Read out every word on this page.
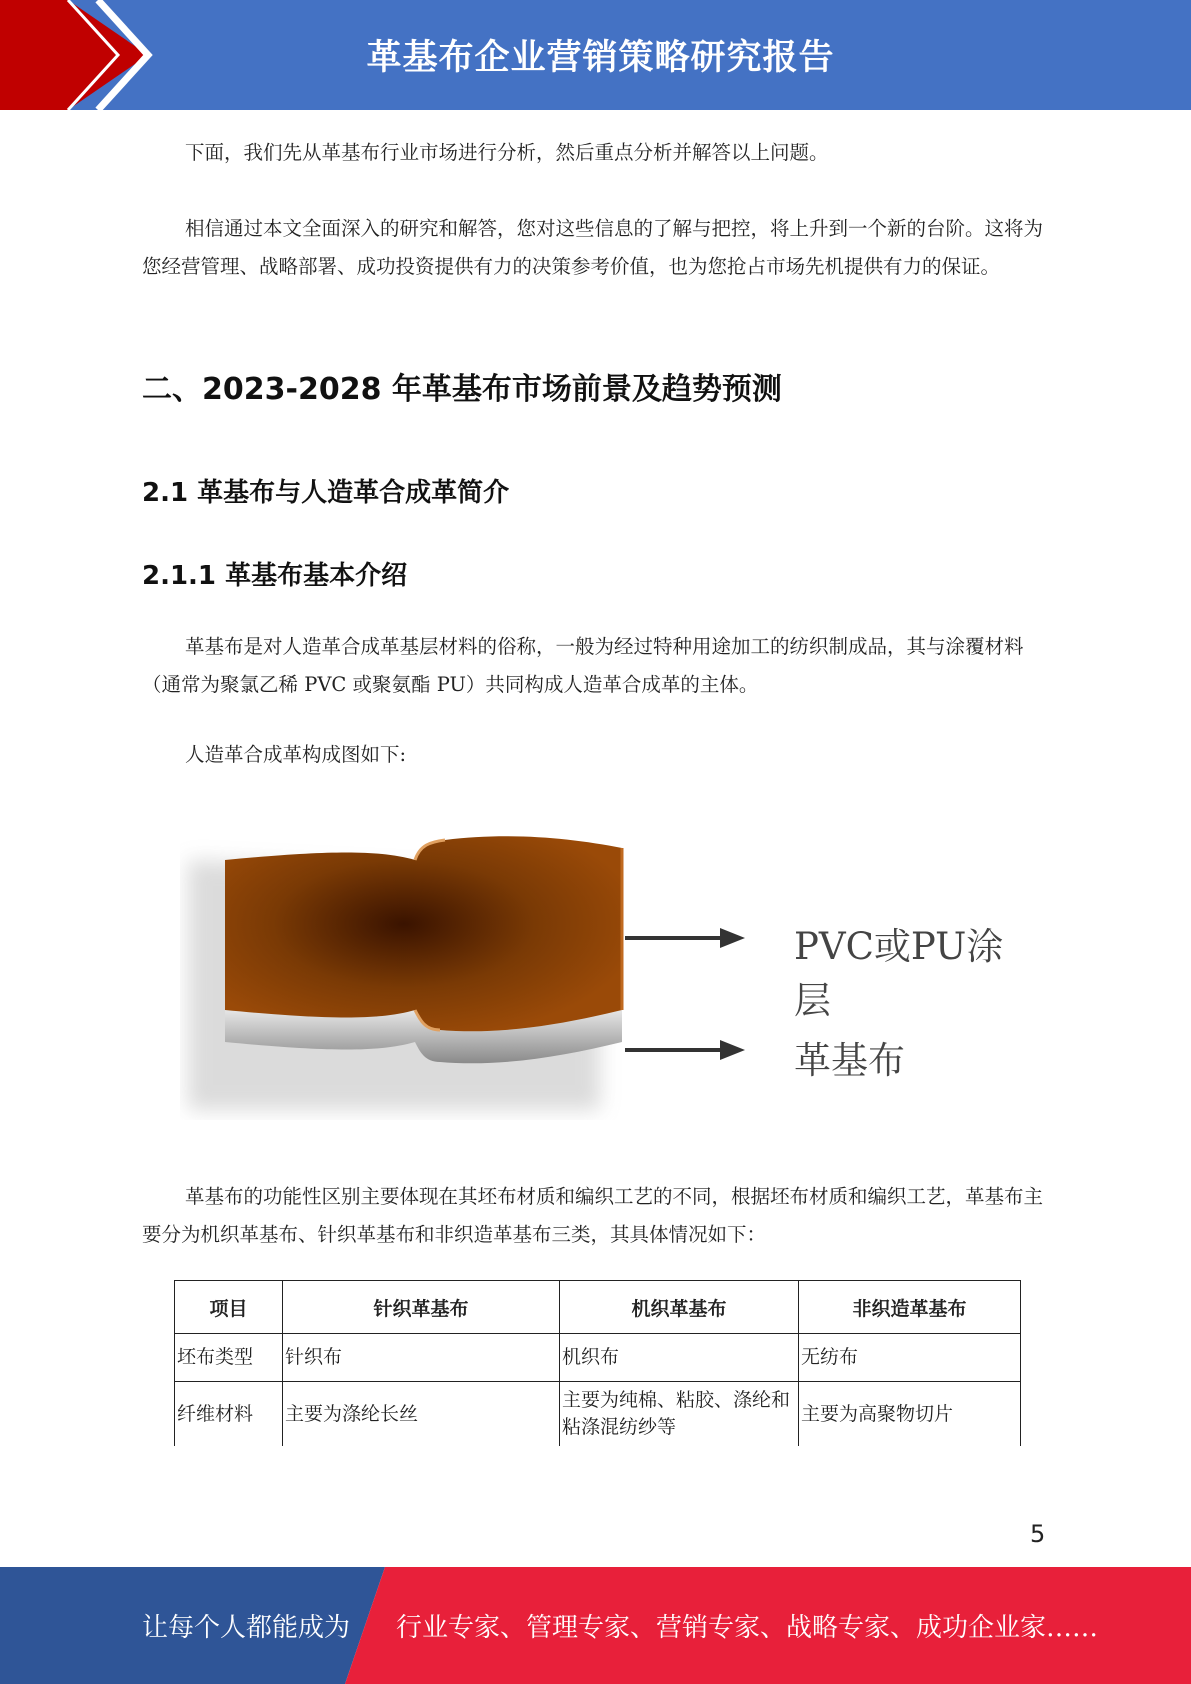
革基布企业营销策略研究报告

下面，我们先从革基布行业市场进行分析，然后重点分析并解答以上问题。

相信通过本文全面深入的研究和解答，您对这些信息的了解与把控，将上升到一个新的台阶。这将为您经营管理、战略部署、成功投资提供有力的决策参考价值，也为您抢占市场先机提供有力的保证。

二、2023-2028 年革基布市场前景及趋势预测
2.1 革基布与人造革合成革简介
2.1.1 革基布基本介绍

革基布是对人造革合成革基层材料的俗称，一般为经过特种用途加工的纺织制成品，其与涂覆材料（通常为聚氯乙稀 PVC 或聚氨酯 PU）共同构成人造革合成革的主体。

人造革合成革构成图如下:

PVC或PU涂层
革基布

革基布的功能性区别主要体现在其坯布材质和编织工艺的不同，根据坯布材质和编织工艺，革基布主要分为机织革基布、针织革基布和非织造革基布三类，其具体情况如下：

项目	针织革基布	机织革基布	非织造革基布
坯布类型	针织布	机织布	无纺布
纤维材料	主要为涤纶长丝	主要为纯棉、粘胶、涤纶和粘涤混纺纱等	主要为高聚物切片
5
让每个人都能成为 行业专家、管理专家、营销专家、战略专家、成功企业家……
